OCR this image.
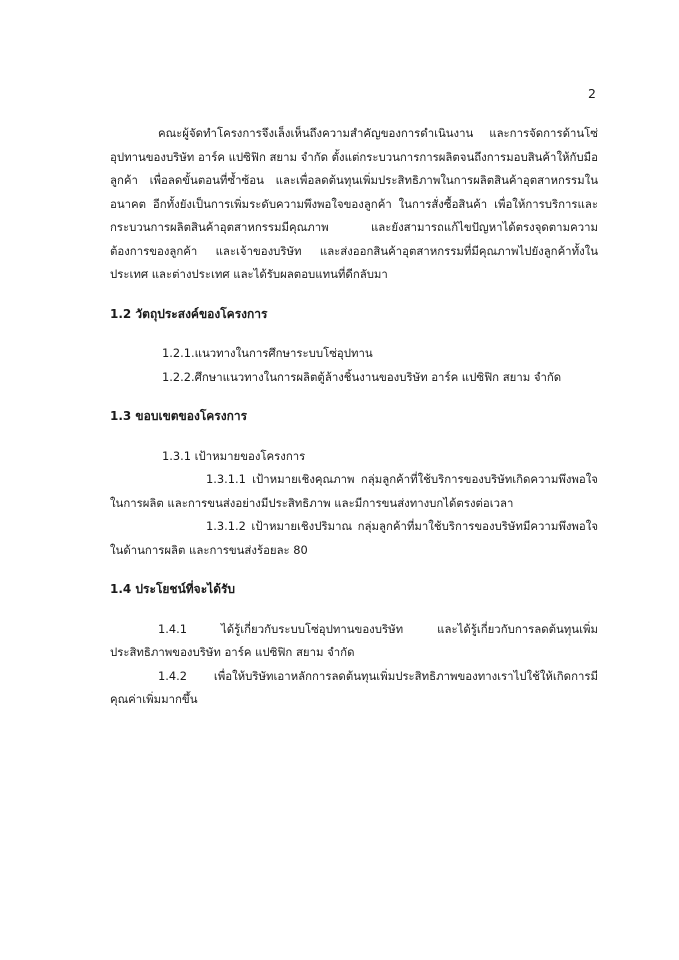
2

คณะผู้จัดทำโครงการจึงเล็งเห็นถึงความสำคัญของการดำเนินงาน และการจัดการด้านโซ่อุปทานของบริษัท อาร์ค แปซิฟิก สยาม จำกัด ตั้งแต่กระบวนการการผลิตจนถึงการมอบสินค้าให้กับมือลูกค้า เพื่อลดขั้นตอนที่ซ้ำซ้อน และเพื่อลดต้นทุนเพิ่มประสิทธิภาพในการผลิตสินค้าอุตสาหกรรมในอนาคต อีกทั้งยังเป็นการเพิ่มระดับความพึงพอใจของลูกค้า ในการสั่งซื้อสินค้า เพื่อให้การบริการและกระบวนการผลิตสินค้าอุตสาหกรรมมีคุณภาพ และยังสามารถแก้ไขปัญหาได้ตรงจุดตามความต้องการของลูกค้า และเจ้าของบริษัท และส่งออกสินค้าอุตสาหกรรมที่มีคุณภาพไปยังลูกค้าทั้งในประเทศ และต่างประเทศ และได้รับผลตอบแทนที่ดีกลับมา

1.2 วัตถุประสงค์ของโครงการ

1.2.1.แนวทางในการศึกษาระบบโซ่อุปทาน

1.2.2.ศึกษาแนวทางในการผลิตตู้ล้างชิ้นงานของบริษัท อาร์ค แปซิฟิก สยาม จำกัด

1.3 ขอบเขตของโครงการ

1.3.1 เป้าหมายของโครงการ

1.3.1.1 เป้าหมายเชิงคุณภาพ กลุ่มลูกค้าที่ใช้บริการของบริษัทเกิดความพึงพอใจในการผลิต และการขนส่งอย่างมีประสิทธิภาพ และมีการขนส่งทางบกได้ตรงต่อเวลา

1.3.1.2 เป้าหมายเชิงปริมาณ กลุ่มลูกค้าที่มาใช้บริการของบริษัทมีความพึงพอใจในด้านการผลิต และการขนส่งร้อยละ 80

1.4 ประโยชน์ที่จะได้รับ

1.4.1 ได้รู้เกี่ยวกับระบบโซ่อุปทานของบริษัท และได้รู้เกี่ยวกับการลดต้นทุนเพิ่มประสิทธิภาพของบริษัท อาร์ค แปซิฟิก สยาม จำกัด

1.4.2 เพื่อให้บริษัทเอาหลักการลดต้นทุนเพิ่มประสิทธิภาพของทางเราไปใช้ให้เกิดการมีคุณค่าเพิ่มมากขึ้น
